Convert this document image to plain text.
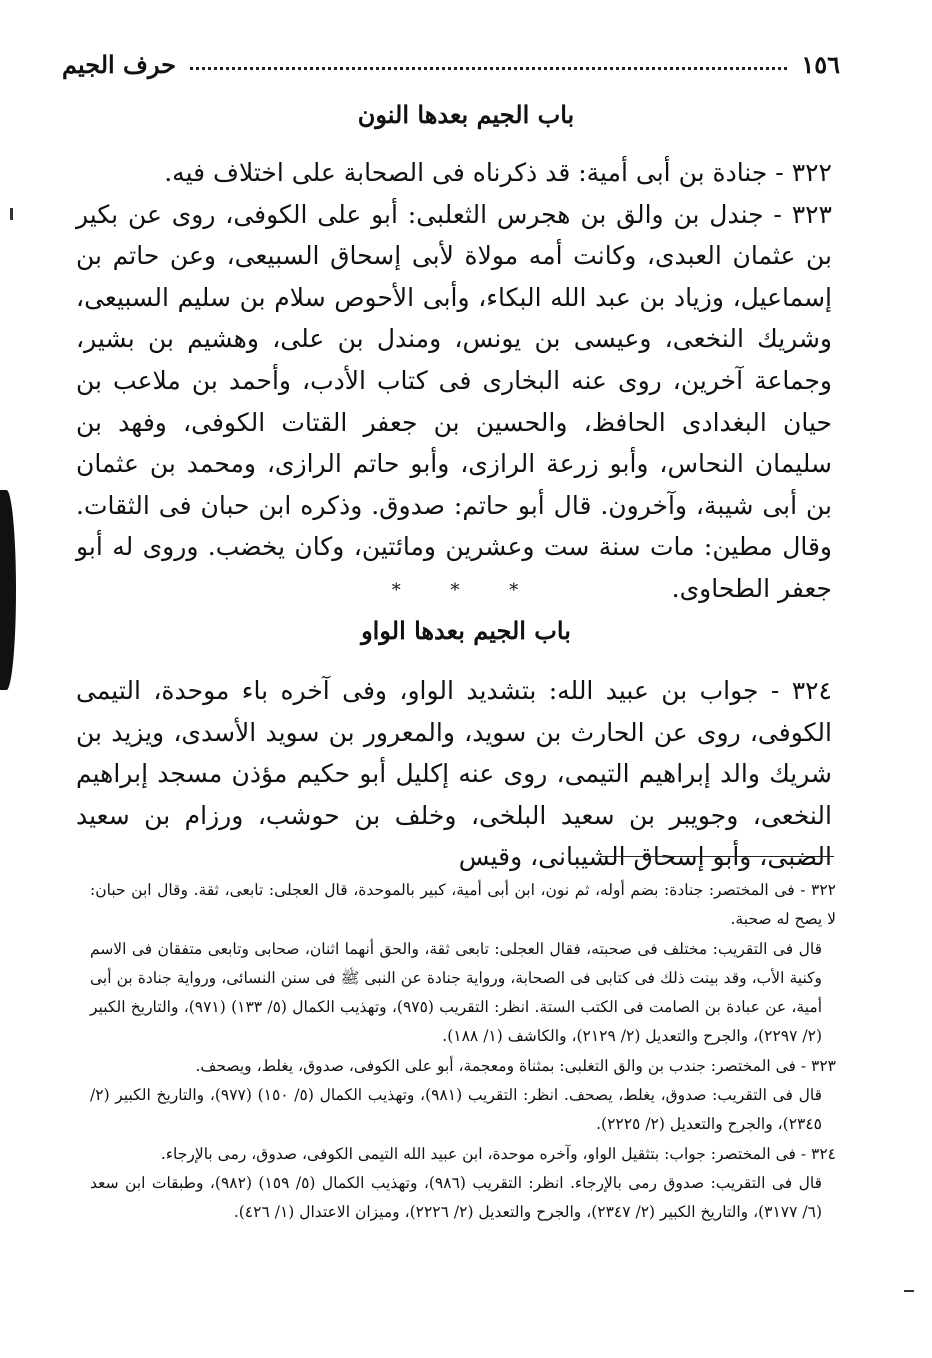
١٥٦
حرف الجيم
باب الجيم بعدها النون

٣٢٢ - جنادة بن أبى أمية: قد ذكرناه فى الصحابة على اختلاف فيه.

٣٢٣ - جندل بن والق بن هجرس الثعلبى: أبو على الكوفى، روى عن بكير بن عثمان العبدى، وكانت أمه مولاة لأبى إسحاق السبيعى، وعن حاتم بن إسماعيل، وزياد بن عبد الله البكاء، وأبى الأحوص سلام بن سليم السبيعى، وشريك النخعى، وعيسى بن يونس، ومندل بن على، وهشيم بن بشير، وجماعة آخرين، روى عنه البخارى فى كتاب الأدب، وأحمد بن ملاعب بن حيان البغدادى الحافظ، والحسين بن جعفر القتات الكوفى، وفهد بن سليمان النحاس، وأبو زرعة الرازى، وأبو حاتم الرازى، ومحمد بن عثمان بن أبى شيبة، وآخرون. قال أبو حاتم: صدوق. وذكره ابن حبان فى الثقات. وقال مطين: مات سنة ست وعشرين ومائتين، وكان يخضب. وروى له أبو جعفر الطحاوى.

* * *
باب الجيم بعدها الواو

٣٢٤ - جواب بن عبيد الله: بتشديد الواو، وفى آخره باء موحدة، التيمى الكوفى، روى عن الحارث بن سويد، والمعرور بن سويد الأسدى، ويزيد بن شريك والد إبراهيم التيمى، روى عنه إكليل أبو حكيم مؤذن مسجد إبراهيم النخعى، وجويبر بن سعيد البلخى، وخلف بن حوشب، ورزام بن سعيد الضبى، وأبو إسحاق الشيبانى، وقيس

٣٢٢ - فى المختصر: جنادة: بضم أوله، ثم نون، ابن أبى أمية، كبير بالموحدة، قال العجلى: تابعى، ثقة. وقال ابن حبان: لا يصح له صحبة.

قال فى التقريب: مختلف فى صحبته، فقال العجلى: تابعى ثقة، والحق أنهما اثنان، صحابى وتابعى متفقان فى الاسم وكنية الأب، وقد بينت ذلك فى كتابى فى الصحابة، ورواية جنادة عن النبى ﷺ فى سنن النسائى، ورواية جنادة بن أبى أمية، عن عبادة بن الصامت فى الكتب الستة. انظر: التقريب (٩٧٥)، وتهذيب الكمال (٥/ ١٣٣) (٩٧١)، والتاريخ الكبير (٢/ ٢٢٩٧)، والجرح والتعديل (٢/ ٢١٢٩)، والكاشف (١/ ١٨٨).

٣٢٣ - فى المختصر: جندب بن والق التغلبى: بمثناة ومعجمة، أبو على الكوفى، صدوق، يغلط، ويصحف.

قال فى التقريب: صدوق، يغلط، يصحف. انظر: التقريب (٩٨١)، وتهذيب الكمال (٥/ ١٥٠) (٩٧٧)، والتاريخ الكبير (٢/ ٢٣٤٥)، والجرح والتعديل (٢/ ٢٢٢٥).

٣٢٤ - فى المختصر: جواب: بتثقيل الواو، وآخره موحدة، ابن عبيد الله التيمى الكوفى، صدوق، رمى بالإرجاء.

قال فى التقريب: صدوق رمى بالإرجاء. انظر: التقريب (٩٨٦)، وتهذيب الكمال (٥/ ١٥٩) (٩٨٢)، وطبقات ابن سعد (٦/ ٣١٧٧)، والتاريخ الكبير (٢/ ٢٣٤٧)، والجرح والتعديل (٢/ ٢٢٢٦)، وميزان الاعتدال (١/ ٤٢٦).
